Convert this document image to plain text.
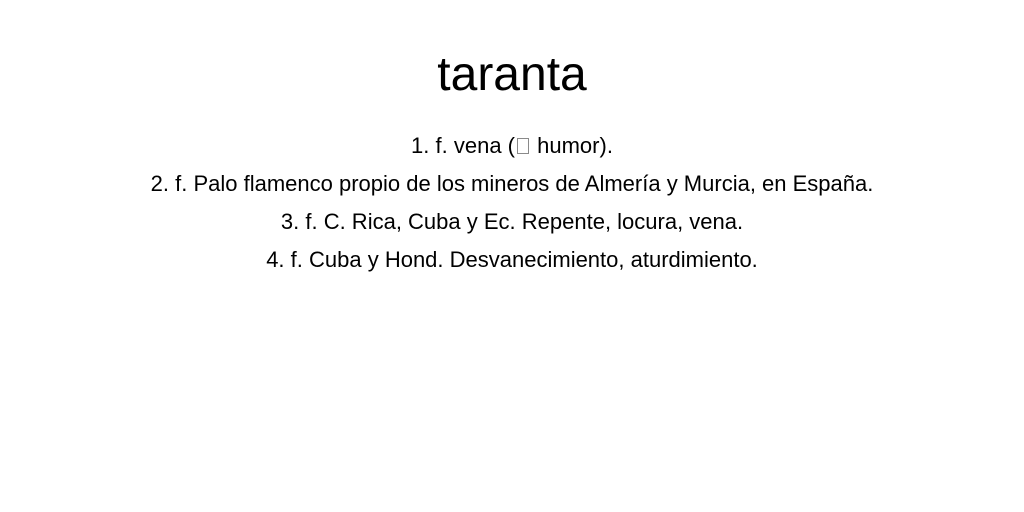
taranta
1. f. vena ( humor).
2. f. Palo flamenco propio de los mineros de Almería y Murcia, en España.
3. f. C. Rica, Cuba y Ec. Repente, locura, vena.
4. f. Cuba y Hond. Desvanecimiento, aturdimiento.
